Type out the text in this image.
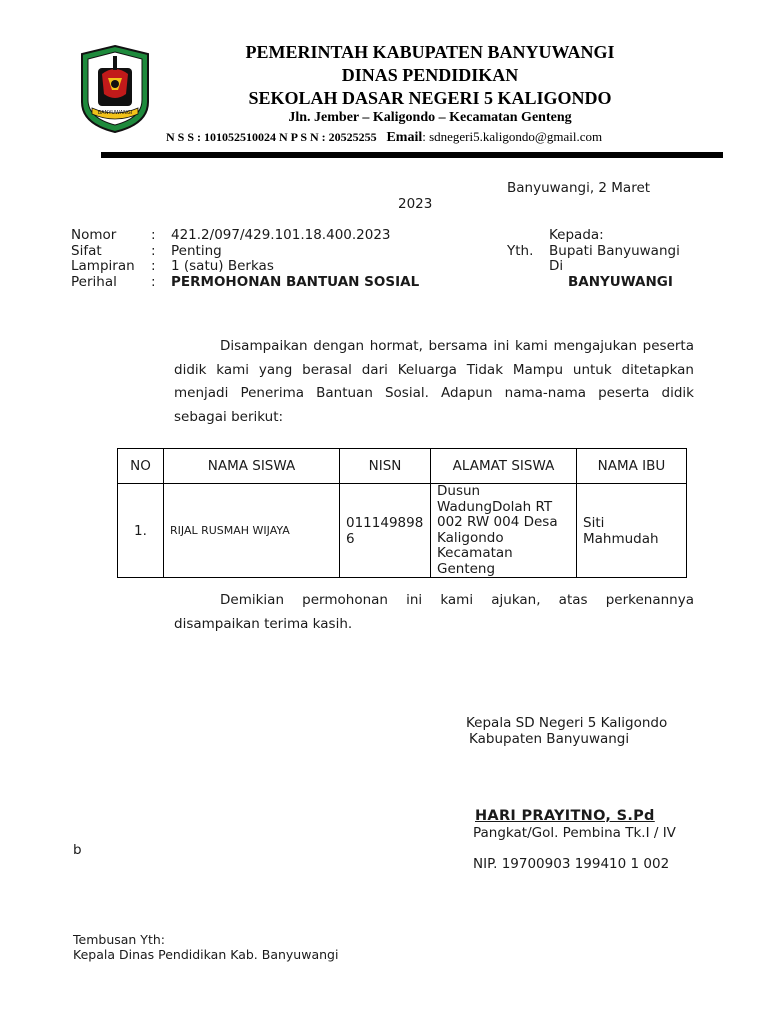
BANYUWANGI
PEMERINTAH KABUPATEN BANYUWANGI
DINAS PENDIDIKAN
SEKOLAH DASAR NEGERI 5 KALIGONDO
Jln. Jember – Kaligondo – Kecamatan Genteng
N S S : 101052510024 N P S N : 20525255 Email: sdnegeri5.kaligondo@gmail.com
Banyuwangi, 2 Maret
2023
Nomor	: 421.2/097/429.101.18.400.2023
Sifat	: Penting
Lampiran : 1 (satu) Berkas
Perihal	: PERMOHONAN BANTUAN SOSIAL
Kepada:
Yth. Bupati Banyuwangi
Di
BANYUWANGI
Disampaikan dengan hormat, bersama ini kami mengajukan peserta didik kami yang berasal dari Keluarga Tidak Mampu untuk ditetapkan menjadi Penerima Bantuan Sosial. Adapun nama-nama peserta didik sebagai berikut:
NO	NAMA SISWA	NISN	ALAMAT SISWA	NAMA IBU
1.	RIJAL RUSMAH WIJAYA	0111498986	Dusun WadungDolah RT 002 RW 004 Desa Kaligondo Kecamatan Genteng	Siti Mahmudah
Demikian permohonan ini kami ajukan, atas perkenannya disampaikan terima kasih.
Kepala SD Negeri 5 Kaligondo
Kabupaten Banyuwangi
HARI PRAYITNO, S.Pd
Pangkat/Gol. Pembina Tk.I / IV
NIP. 19700903 199410 1 002
b
Tembusan Yth:
Kepala Dinas Pendidikan Kab. Banyuwangi
